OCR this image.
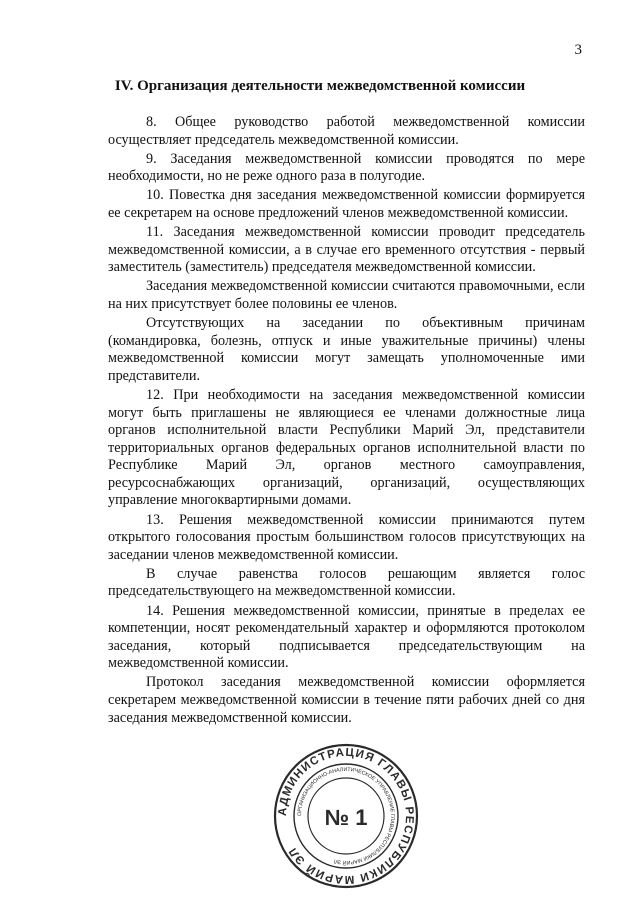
3
IV. Организация деятельности межведомственной комиссии

8. Общее руководство работой межведомственной комиссии осуществляет председатель межведомственной комиссии.

9. Заседания межведомственной комиссии проводятся по мере необходимости, но не реже одного раза в полугодие.

10. Повестка дня заседания межведомственной комиссии формируется ее секретарем на основе предложений членов межведомственной комиссии.

11. Заседания межведомственной комиссии проводит председатель межведомственной комиссии, а в случае его временного отсутствия - первый заместитель (заместитель) председателя межведомственной комиссии.

Заседания межведомственной комиссии считаются правомочными, если на них присутствует более половины ее членов.

Отсутствующих на заседании по объективным причинам (командировка, болезнь, отпуск и иные уважительные причины) члены межведомственной комиссии могут замещать уполномоченные ими представители.

12. При необходимости на заседания межведомственной комиссии могут быть приглашены не являющиеся ее членами должностные лица органов исполнительной власти Республики Марий Эл, представители территориальных органов федеральных органов исполнительной власти по Республике Марий Эл, органов местного самоуправления, ресурсоснабжающих организаций, организаций, осуществляющих управление многоквартирными домами.

13. Решения межведомственной комиссии принимаются путем открытого голосования простым большинством голосов присутствующих на заседании членов межведомственной комиссии.

В случае равенства голосов решающим является голос председательствующего на межведомственной комиссии.

14. Решения межведомственной комиссии, принятые в пределах ее компетенции, носят рекомендательный характер и оформляются протоколом заседания, который подписывается председательствующим на межведомственной комиссии.

Протокол заседания межведомственной комиссии оформляется секретарем межведомственной комиссии в течение пяти рабочих дней со дня заседания межведомственной комиссии.

АДМИНИСТРАЦИЯ ГЛАВЫ РЕСПУБЛИКИ МАРИЙ ЭЛ
ОРГАНИЗАЦИОННО-АНАЛИТИЧЕСКОЕ УПРАВЛЕНИЕ ГЛАВЫ РЕСПУБЛИКИ МАРИЙ ЭЛ
№ 1
